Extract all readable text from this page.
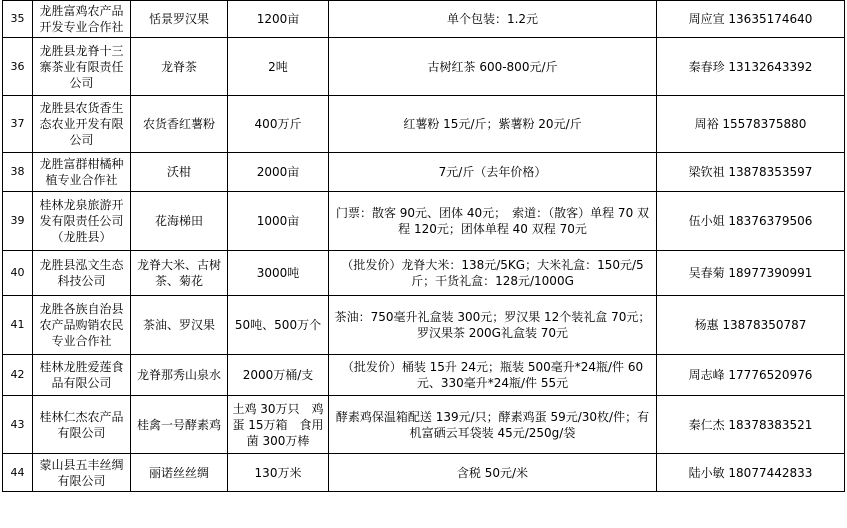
35	龙胜富鸡农产品开发专业合作社	恬景罗汉果	1200亩	单个包装：1.2元	周应宣 13635174640
36	龙胜县龙脊十三寨茶业有限责任公司	龙脊茶	2吨	古树红茶 600-800元/斤	秦春珍 13132643392
37	龙胜县农货香生态农业开发有限公司	农货香红薯粉	400万斤	红薯粉 15元/斤；紫薯粉 20元/斤	周裕 15578375880
38	龙胜富群柑橘种植专业合作社	沃柑	2000亩	7元/斤（去年价格）	梁钦祖 13878353597
39	桂林龙泉旅游开发有限责任公司（龙胜县）	花海梯田	1000亩	门票：散客 90元、团体 40元；　索道：（散客）单程 70 双程 120元；团体单程 40 双程 70元	伍小姐 18376379506
40	龙胜县泓文生态科技公司	龙脊大米、古树茶、菊花	3000吨	（批发价）龙脊大米：138元/5KG；大米礼盒：150元/5斤；干货礼盒：128元/1000G	吴春菊 18977390991
41	龙胜各族自治县农产品购销农民专业合作社	茶油、罗汉果	50吨、500万个	茶油：750毫升礼盒装 300元；罗汉果 12个装礼盒 70元；罗汉果茶 200G礼盒装 70元	杨惠 13878350787
42	桂林龙胜爱莲食品有限公司	龙脊那秀山泉水	2000万桶/支	（批发价）桶装 15升 24元；瓶装 500毫升*24瓶/件 60元、330毫升*24瓶/件 55元	周志峰 17776520976
43	桂林仁杰农产品有限公司	桂禽一号酵素鸡	土鸡 30万只　鸡蛋 15万箱　食用菌 300万棒	酵素鸡保温箱配送 139元/只；酵素鸡蛋 59元/30枚/件；有机富硒云耳袋装 45元/250g/袋	秦仁杰 18378383521
44	蒙山县五丰丝绸有限公司	丽诺丝丝绸	130万米	含税 50元/米	陆小敏 18077442833
